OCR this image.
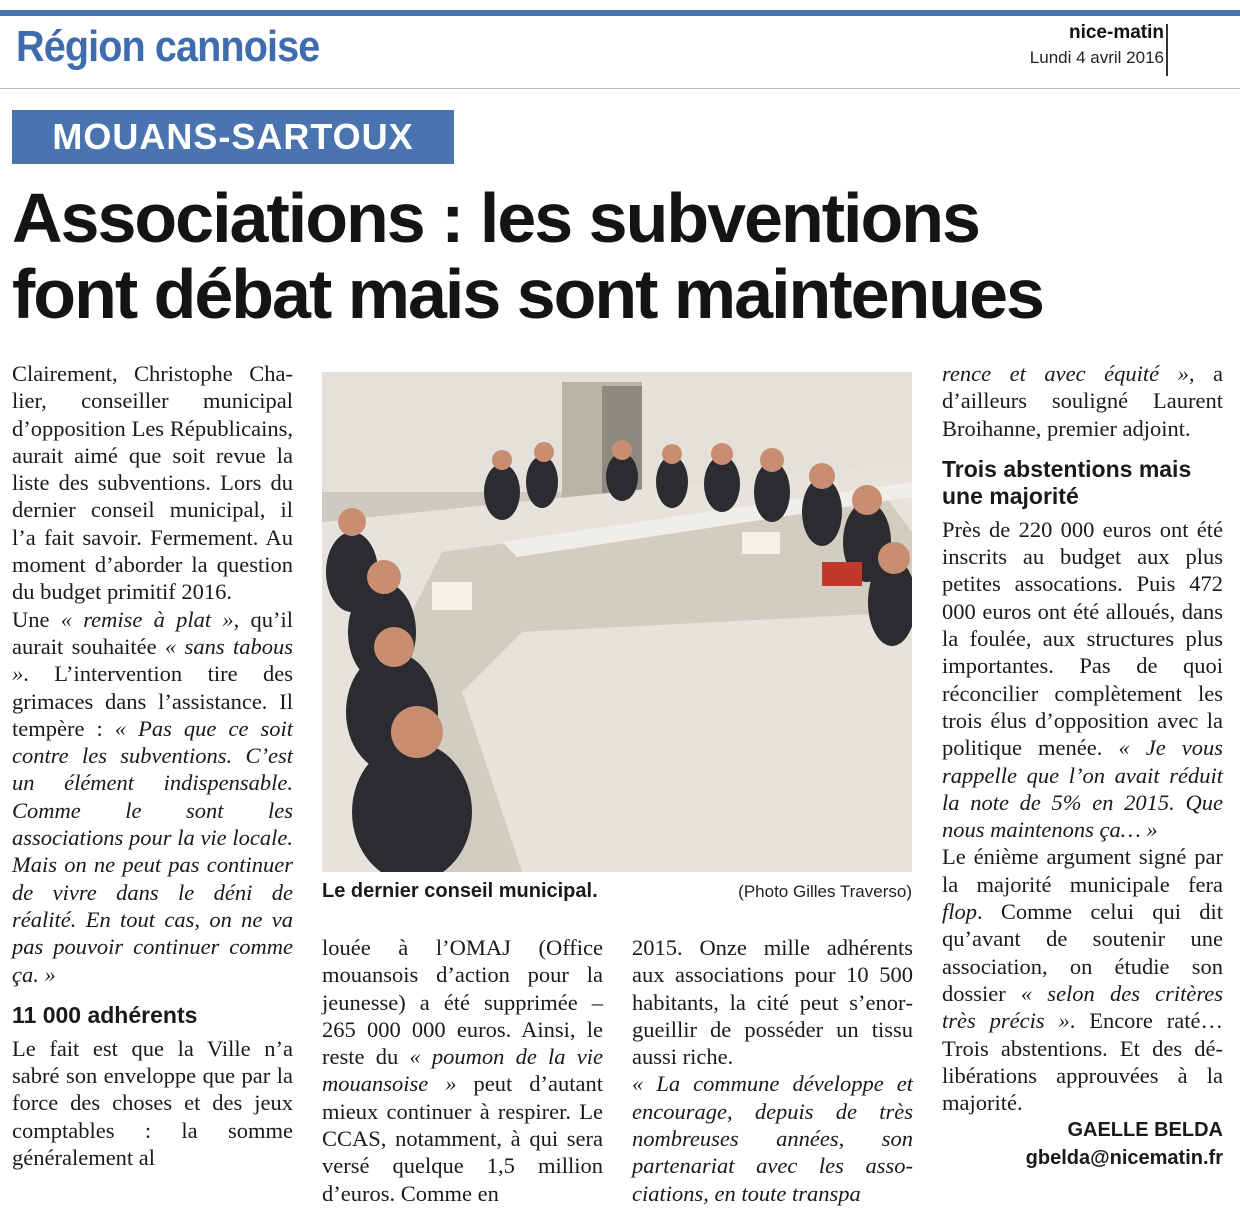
Région cannoise	nice-matin
Lundi 4 avril 2016
MOUANS-SARTOUX
Associations : les subventions
font débat mais sont maintenues

Clairement, Christophe Chalier, conseiller municipal d’opposition Les Républicains, aurait aimé que soit revue la liste des subventions. Lors du dernier conseil municipal, il l’a fait savoir. Fermement. Au moment d’aborder la question du budget primitif 2016.

Une « remise à plat », qu’il aurait souhaitée « sans tabous ». L’intervention tire des grimaces dans l’assistance. Il tempère : « Pas que ce soit contre les subventions. C’est un élément indispensable. Comme le sont les associations pour la vie locale. Mais on ne peut pas continuer de vivre dans le déni de réalité. En tout cas, on ne va pas pouvoir continuer comme ça. »

11 000 adhérents

Le fait est que la Ville n’a sabré son enveloppe que par la force des choses et des jeux comptables : la somme généralement al

Le dernier conseil municipal.	(Photo Gilles Traverso)

louée à l’OMAJ (Office mouansois d’action pour la jeunesse) a été supprimée – 265 000 000 euros. Ainsi, le reste du « poumon de la vie mouansoise » peut d’autant mieux continuer à respirer. Le CCAS, notamment, à qui sera versé quelque 1,5 million d’euros. Comme en

2015. Onze mille adhérents aux associations pour 10 500 habitants, la cité peut s’enorgueillir de posséder un tissu aussi riche.

« La commune développe et encourage, depuis de très nombreuses années, son partenariat avec les associations, en toute transpa

rence et avec équité », a d’ailleurs souligné Laurent Broihanne, premier adjoint.

Trois abstentions mais une majorité

Près de 220 000 euros ont été inscrits au budget aux plus petites assocations. Puis 472 000 euros ont été alloués, dans la foulée, aux structures plus importantes. Pas de quoi réconcilier complètement les trois élus d’opposition avec la politique menée. « Je vous rappelle que l’on avait réduit la note de 5% en 2015. Que nous maintenons ça… »

Le énième argument signé par la majorité municipale fera flop. Comme celui qui dit qu’avant de soutenir une association, on étudie son dossier « selon des critères très précis ». Encore raté… Trois abstentions. Et des délibérations approuvées à la majorité.

GAELLE BELDA
gbelda@nicematin.fr
